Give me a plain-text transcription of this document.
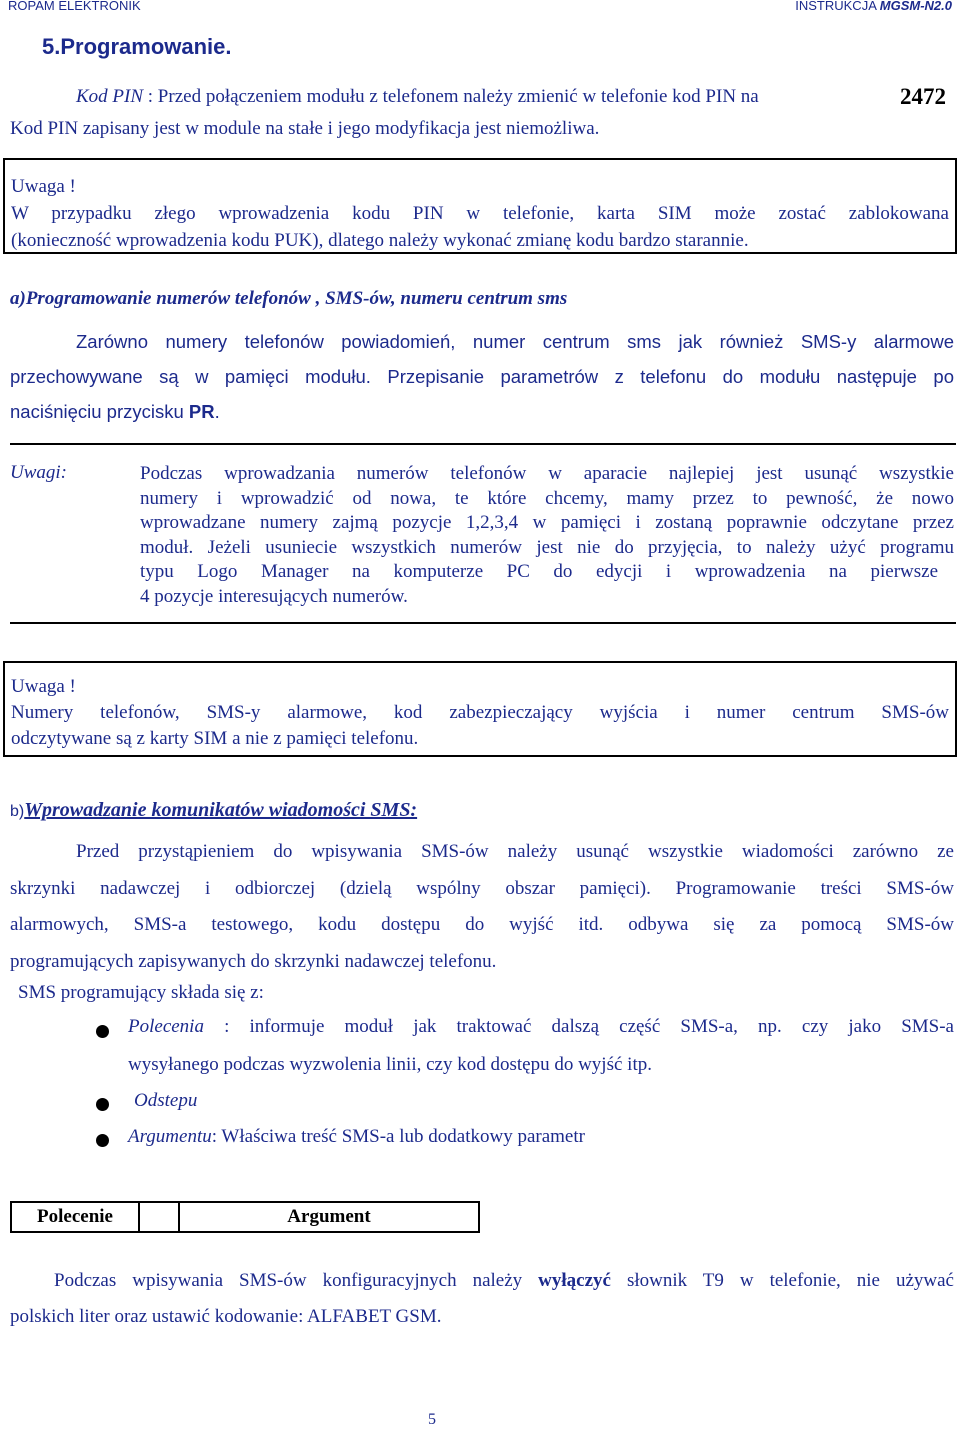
ROPAM ELEKTRONIK	INSTRUKCJA MGSM-N2.0
5.Programowanie.
Kod PIN : Przed połączeniem modułu z telefonem należy zmienić w telefonie kod PIN na	2472
Kod PIN zapisany jest w module na stałe i jego modyfikacja jest niemożliwa.
Uwaga !
W przypadku złego wprowadzenia kodu PIN w telefonie, karta SIM może zostać zablokowana
(konieczność wprowadzenia kodu PUK), dlatego należy wykonać zmianę kodu bardzo starannie.
a)Programowanie numerów telefonów , SMS-ów, numeru centrum sms
Zarówno numery telefonów powiadomień, numer centrum sms jak również SMS-y alarmowe
przechowywane są w pamięci modułu. Przepisanie parametrów z telefonu do modułu następuje po
naciśnięciu przycisku PR.
Uwagi:	Podczas wprowadzania numerów telefonów w aparacie najlepiej jest usunąć wszystkie
numery i wprowadzić od nowa, te które chcemy, mamy przez to pewność, że nowo
wprowadzane numery zajmą pozycje 1,2,3,4 w pamięci i zostaną poprawnie odczytane przez
moduł. Jeżeli usuniecie wszystkich numerów jest nie do przyjęcia, to należy użyć programu
typu Logo Manager na komputerze PC do edycji i wprowadzenia na pierwsze
4 pozycje interesujących numerów.
Uwaga !
Numery telefonów, SMS-y alarmowe, kod zabezpieczający wyjścia i numer centrum SMS-ów
odczytywane są z karty SIM a nie z pamięci telefonu.
b)Wprowadzanie komunikatów wiadomości SMS:
Przed przystąpieniem do wpisywania SMS-ów należy usunąć wszystkie wiadomości zarówno ze
skrzynki nadawczej i odbiorczej (dzielą wspólny obszar pamięci). Programowanie treści SMS-ów
alarmowych, SMS-a testowego, kodu dostępu do wyjść itd. odbywa się za pomocą SMS-ów
programujących zapisywanych do skrzynki nadawczej telefonu.
SMS programujący składa się z:
Polecenia : informuje moduł jak traktować dalszą część SMS-a, np. czy jako SMS-a
wysyłanego podczas wyzwolenia linii, czy kod dostępu do wyjść itp.
Odstepu
Argumentu: Właściwa treść SMS-a lub dodatkowy parametr
Polecenie		Argument
Podczas wpisywania SMS-ów konfiguracyjnych należy wyłączyć słownik T9 w telefonie, nie używać
polskich liter oraz ustawić kodowanie: ALFABET GSM.
5
